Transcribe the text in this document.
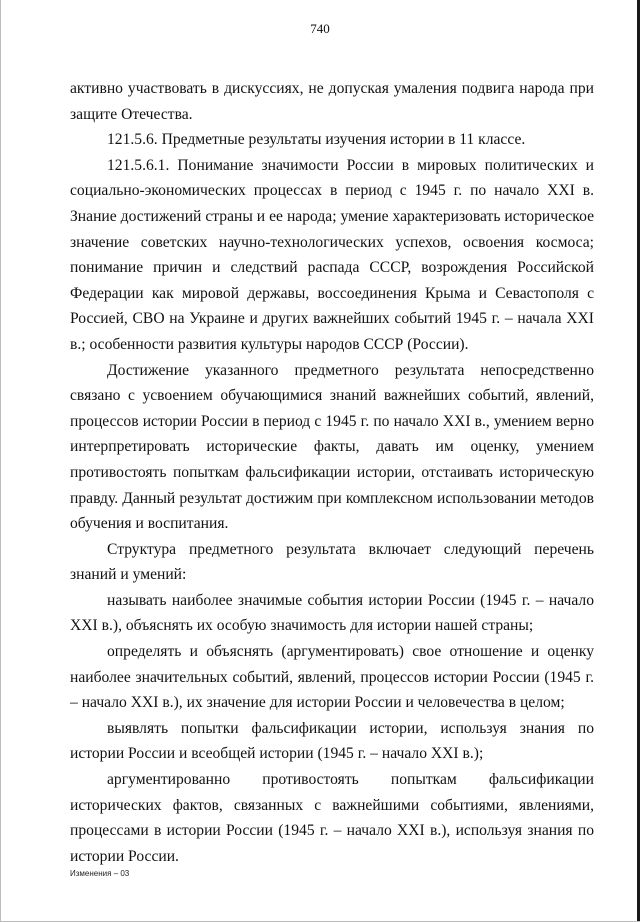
740

активно участвовать в дискуссиях, не допуская умаления подвига народа при защите Отечества.

121.5.6. Предметные результаты изучения истории в 11 классе.

121.5.6.1. Понимание значимости России в мировых политических и социально-экономических процессах в период с 1945 г. по начало XXI в. Знание достижений страны и ее народа; умение характеризовать историческое значение советских научно-технологических успехов, освоения космоса; понимание причин и следствий распада СССР, возрождения Российской Федерации как мировой державы, воссоединения Крыма и Севастополя с Россией, СВО на Украине и других важнейших событий 1945 г. – начала XXI в.; особенности развития культуры народов СССР (России).

Достижение указанного предметного результата непосредственно связано с усвоением обучающимися знаний важнейших событий, явлений, процессов истории России в период с 1945 г. по начало XXI в., умением верно интерпретировать исторические факты, давать им оценку, умением противостоять попыткам фальсификации истории, отстаивать историческую правду. Данный результат достижим при комплексном использовании методов обучения и воспитания.

Структура предметного результата включает следующий перечень знаний и умений:

называть наиболее значимые события истории России (1945 г. – начало XXI в.), объяснять их особую значимость для истории нашей страны;

определять и объяснять (аргументировать) свое отношение и оценку наиболее значительных событий, явлений, процессов истории России (1945 г. – начало XXI в.), их значение для истории России и человечества в целом;

выявлять попытки фальсификации истории, используя знания по истории России и всеобщей истории (1945 г. – начало XXI в.);

аргументированно противостоять попыткам фальсификации исторических фактов, связанных с важнейшими событиями, явлениями, процессами в истории России (1945 г. – начало XXI в.), используя знания по истории России.

Изменения – 03
